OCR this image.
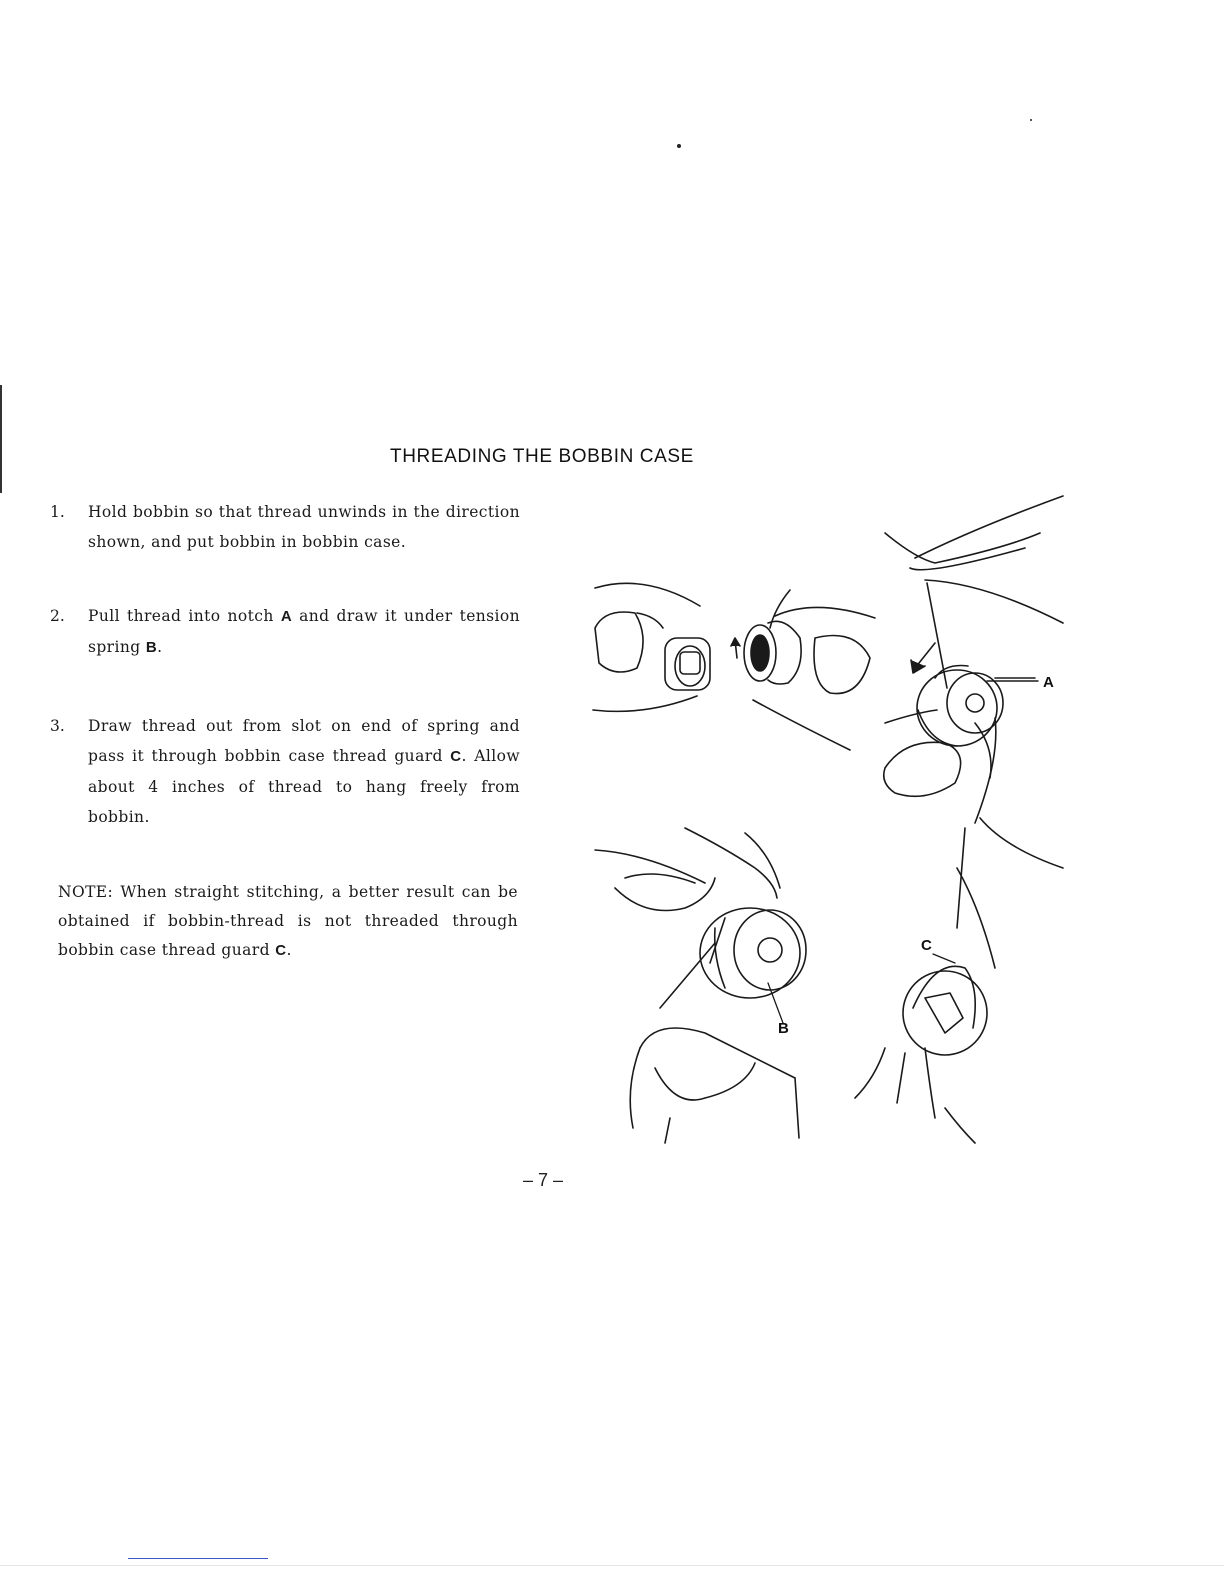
THREADING THE BOBBIN CASE
1. Hold bobbin so that thread unwinds in the direction shown, and put bobbin in bobbin case.
2. Pull thread into notch A and draw it under tension spring B.
3. Draw thread out from slot on end of spring and pass it through bobbin case thread guard C. Allow about 4 inches of thread to hang freely from bobbin.
NOTE: When straight stitching, a better result can be obtained if bobbin-thread is not threaded through bobbin case thread guard C.
A
B
C
– 7 –
